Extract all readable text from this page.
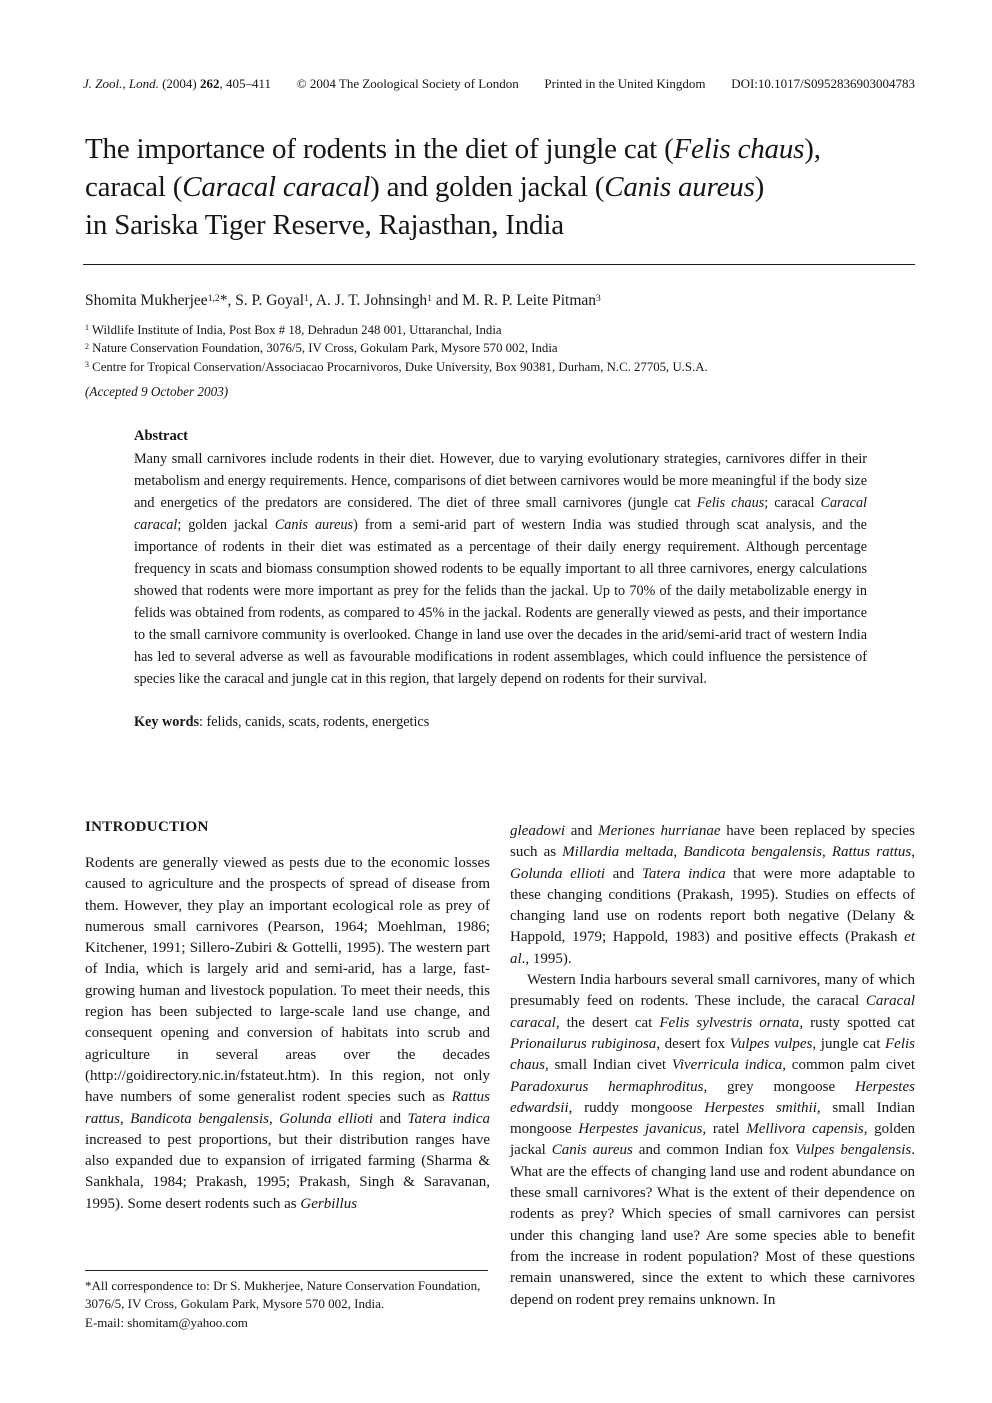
J. Zool., Lond. (2004) 262, 405–411 © 2004 The Zoological Society of London Printed in the United Kingdom DOI:10.1017/S0952836903004783
The importance of rodents in the diet of jungle cat (Felis chaus),
caracal (Caracal caracal) and golden jackal (Canis aureus)
in Sariska Tiger Reserve, Rajasthan, India
Shomita Mukherjee$^{1,2}$*, S. P. Goyal$^1$, A. J. T. Johnsingh$^1$ and M. R. P. Leite Pitman$^3$
$^1$ Wildlife Institute of India, Post Box # 18, Dehradun 248 001, Uttaranchal, India
$^2$ Nature Conservation Foundation, 3076/5, IV Cross, Gokulam Park, Mysore 570 002, India
$^3$ Centre for Tropical Conservation/Associacao Procarnivoros, Duke University, Box 90381, Durham, N.C. 27705, U.S.A.
(Accepted 9 October 2003)
Abstract

Many small carnivores include rodents in their diet. However, due to varying evolutionary strategies, carnivores differ in their metabolism and energy requirements. Hence, comparisons of diet between carnivores would be more meaningful if the body size and energetics of the predators are considered. The diet of three small carnivores (jungle cat Felis chaus; caracal Caracal caracal; golden jackal Canis aureus) from a semi-arid part of western India was studied through scat analysis, and the importance of rodents in their diet was estimated as a percentage of their daily energy requirement. Although percentage frequency in scats and biomass consumption showed rodents to be equally important to all three carnivores, energy calculations showed that rodents were more important as prey for the felids than the jackal. Up to 70% of the daily metabolizable energy in felids was obtained from rodents, as compared to 45% in the jackal. Rodents are generally viewed as pests, and their importance to the small carnivore community is overlooked. Change in land use over the decades in the arid/semi-arid tract of western India has led to several adverse as well as favourable modifications in rodent assemblages, which could influence the persistence of species like the caracal and jungle cat in this region, that largely depend on rodents for their survival.

Key words: felids, canids, scats, rodents, energetics

INTRODUCTION

Rodents are generally viewed as pests due to the economic losses caused to agriculture and the prospects of spread of disease from them. However, they play an important ecological role as prey of numerous small carnivores (Pearson, 1964; Moehlman, 1986; Kitchener, 1991; Sillero-Zubiri & Gottelli, 1995). The western part of India, which is largely arid and semi-arid, has a large, fast-growing human and livestock population. To meet their needs, this region has been subjected to large-scale land use change, and consequent opening and conversion of habitats into scrub and agriculture in several areas over the decades (http://goidirectory.nic.in/fstateut.htm). In this region, not only have numbers of some generalist rodent species such as Rattus rattus, Bandicota bengalensis, Golunda ellioti and Tatera indica increased to pest proportions, but their distribution ranges have also expanded due to expansion of irrigated farming (Sharma & Sankhala, 1984; Prakash, 1995; Prakash, Singh & Saravanan, 1995). Some desert rodents such as Gerbillus

gleadowi and Meriones hurrianae have been replaced by species such as Millardia meltada, Bandicota bengalensis, Rattus rattus, Golunda ellioti and Tatera indica that were more adaptable to these changing conditions (Prakash, 1995). Studies on effects of changing land use on rodents report both negative (Delany & Happold, 1979; Happold, 1983) and positive effects (Prakash et al., 1995).

Western India harbours several small carnivores, many of which presumably feed on rodents. These include, the caracal Caracal caracal, the desert cat Felis sylvestris ornata, rusty spotted cat Prionailurus rubiginosa, desert fox Vulpes vulpes, jungle cat Felis chaus, small Indian civet Viverricula indica, common palm civet Paradoxurus hermaphroditus, grey mongoose Herpestes edwardsii, ruddy mongoose Herpestes smithii, small Indian mongoose Herpestes javanicus, ratel Mellivora capensis, golden jackal Canis aureus and common Indian fox Vulpes bengalensis. What are the effects of changing land use and rodent abundance on these small carnivores? What is the extent of their dependence on rodents as prey? Which species of small carnivores can persist under this changing land use? Are some species able to benefit from the increase in rodent population? Most of these questions remain unanswered, since the extent to which these carnivores depend on rodent prey remains unknown. In

*All correspondence to: Dr S. Mukherjee, Nature Conservation Foundation, 3076/5, IV Cross, Gokulam Park, Mysore 570 002, India.

E-mail: shomitam@yahoo.com
